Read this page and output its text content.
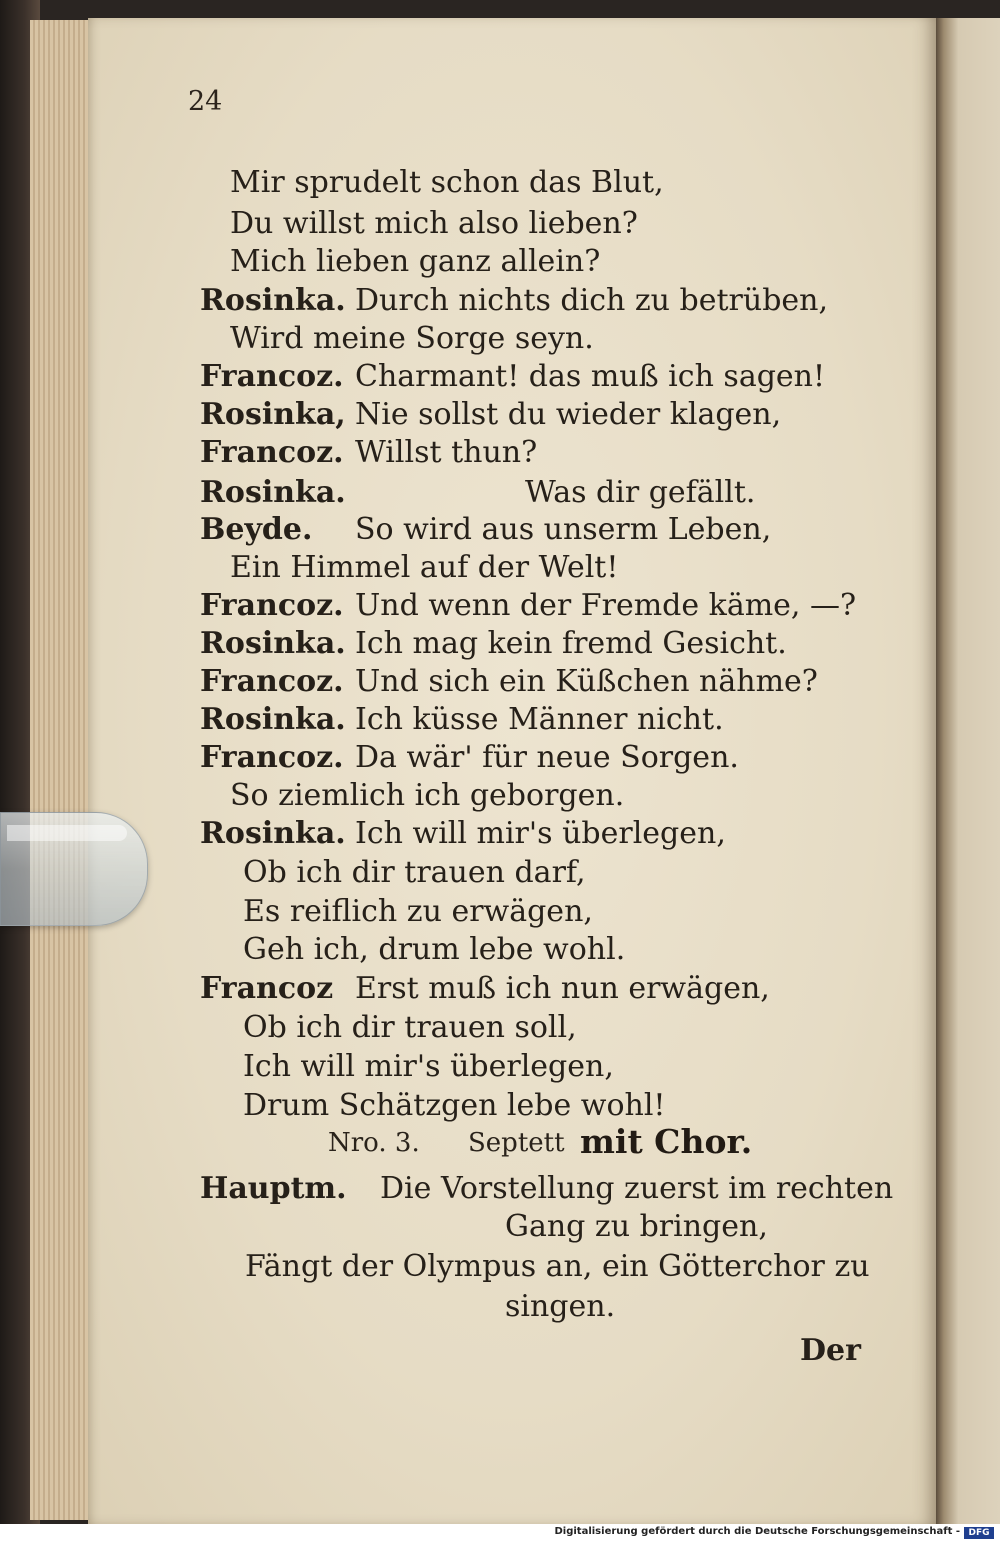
24
Mir sprudelt schon das Blut,
Du willst mich also lieben?
Mich lieben ganz allein?
Rosinka. Durch nichts dich zu betrüben,
Wird meine Sorge seyn.
Francoz. Charmant! das muß ich sagen!
Rosinka, Nie sollst du wieder klagen,
Francoz. Willst thun?
Rosinka.	Was dir gefällt.
Beyde. So wird aus unserm Leben,
Ein Himmel auf der Welt!
Francoz. Und wenn der Fremde käme, —?
Rosinka. Ich mag kein fremd Gesicht.
Francoz. Und sich ein Küßchen nähme?
Rosinka. Ich küsse Männer nicht.
Francoz. Da wär' für neue Sorgen.
So ziemlich ich geborgen.
Rosinka. Ich will mir's überlegen,
Ob ich dir trauen darf,
Es reiflich zu erwägen,
Geh ich, drum lebe wohl.
Francoz Erst muß ich nun erwägen,
Ob ich dir trauen soll,
Ich will mir's überlegen,
Drum Schätzgen lebe wohl!
Nro. 3. Septett mit Chor.
Hauptm. Die Vorstellung zuerst im rechten
Gang zu bringen,
Fängt der Olympus an, ein Götterchor zu
singen.
Der
Digitalisierung gefördert durch die Deutsche Forschungsgemeinschaft - DFG
